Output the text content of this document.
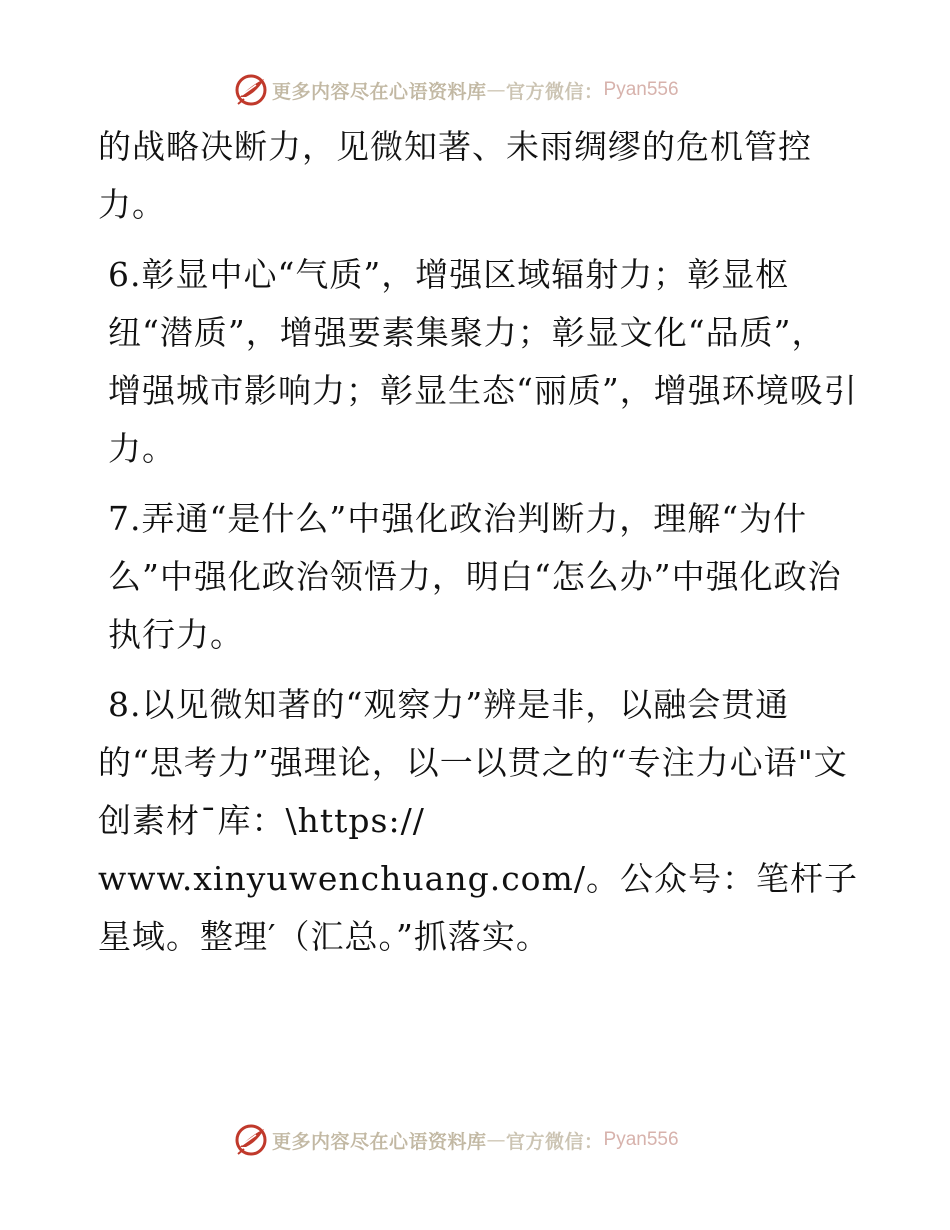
更多内容尽在心语资料库 — 官方微信： Pyan556

的战略决断力，见微知著、未雨绸缪的危机管控力。

6.彰显中心“气质”，增强区域辐射力；彰显枢纽“潜质”，增强要素集聚力；彰显文化“品质”，增强城市影响力；彰显生态“丽质”，增强环境吸引力。

7.弄通“是什么”中强化政治判断力，理解“为什么”中强化政治领悟力，明白“怎么办”中强化政治执行力。

8.以见微知著的“观察力”辨是非，以融会贯通的“思考力”强理论，以一以贯之的“专注力心语"文创素材¯库：\https://
www.xinyuwenchuang.com/。公众号：笔杆子星域。整理′（汇总。”抓落实。

更多内容尽在心语资料库 — 官方微信： Pyan556
